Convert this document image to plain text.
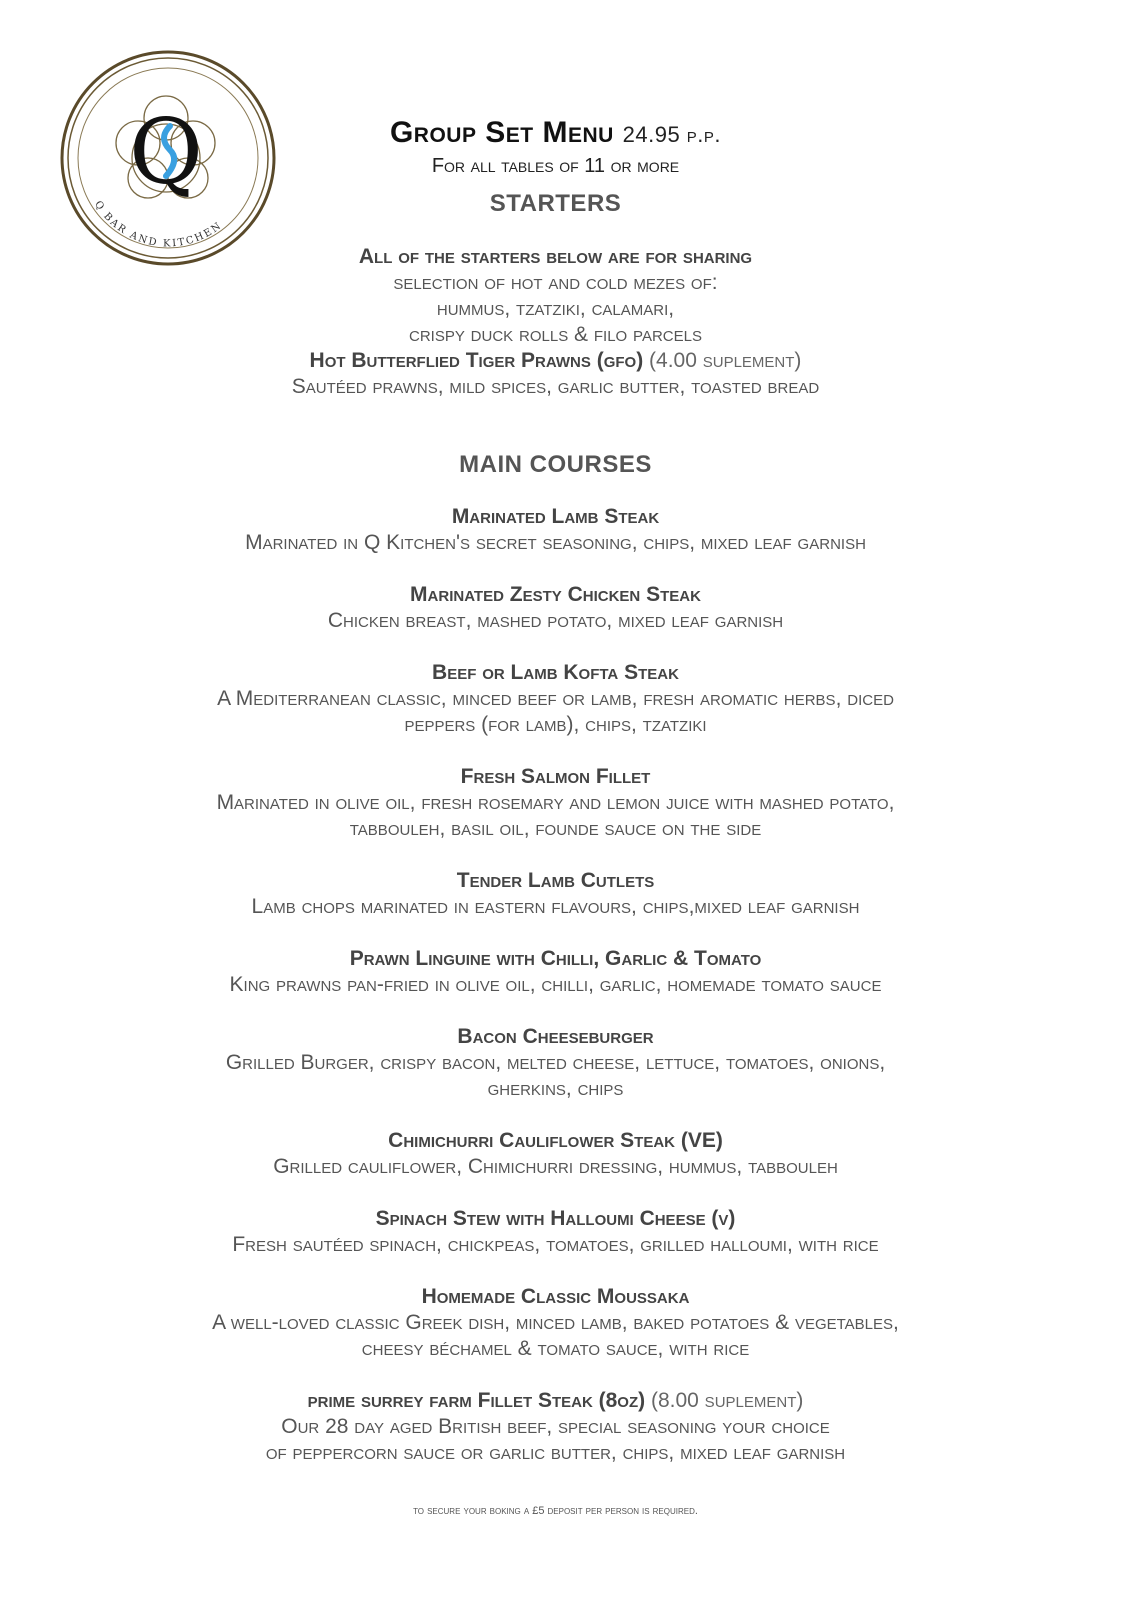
Q
Q BAR AND KITCHEN
Group Set Menu 24.95 p.p.
For all tables of 11 or more
STARTERS
All of the starters below are for sharing
selection of hot and cold mezes of:
hummus, tzatziki, calamari,
crispy duck rolls & filo parcels
Hot Butterflied Tiger Prawns (gfo) (4.00 suplement)
Sautéed prawns, mild spices, garlic butter, toasted bread
MAIN COURSES
Marinated Lamb Steak
Marinated in Q Kitchen's secret seasoning, chips, mixed leaf garnish
Marinated Zesty Chicken Steak
Chicken breast, mashed potato, mixed leaf garnish
Beef or Lamb Kofta Steak
A Mediterranean classic, minced beef or lamb, fresh aromatic herbs, diced
peppers (for lamb), chips, tzatziki
Fresh Salmon Fillet
Marinated in olive oil, fresh rosemary and lemon juice with mashed potato,
tabbouleh, basil oil, founde sauce on the side
Tender Lamb Cutlets
Lamb chops marinated in eastern flavours, chips,mixed leaf garnish
Prawn Linguine with Chilli, Garlic & Tomato
King prawns pan-fried in olive oil, chilli, garlic, homemade tomato sauce
Bacon Cheeseburger
Grilled Burger, crispy bacon, melted cheese, lettuce, tomatoes, onions,
gherkins, chips
Chimichurri Cauliflower Steak (VE)
Grilled cauliflower, Chimichurri dressing, hummus, tabbouleh
Spinach Stew with Halloumi Cheese (v)
Fresh sautéed spinach, chickpeas, tomatoes, grilled halloumi, with rice
Homemade Classic Moussaka
A well-loved classic Greek dish, minced lamb, baked potatoes & vegetables,
cheesy béchamel & tomato sauce, with rice
prime surrey farm Fillet Steak (8oz) (8.00 suplement)
Our 28 day aged British beef, special seasoning your choice
of peppercorn sauce or garlic butter, chips, mixed leaf garnish
to secure your boking a £5 deposit per person is required.
